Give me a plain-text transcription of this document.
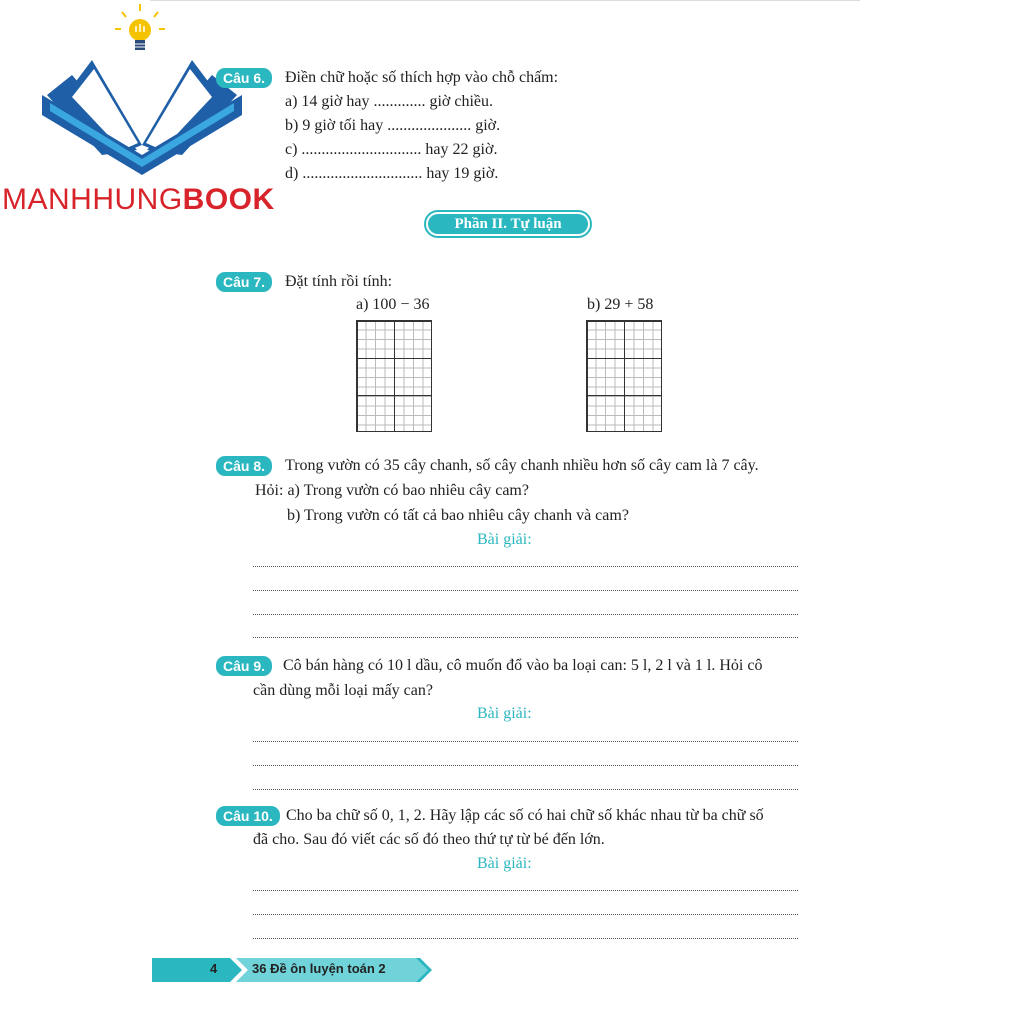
MANHHUNGBOOK
Câu 6.	Điền chữ hoặc số thích hợp vào chỗ chấm:
a) 14 giờ hay ............. giờ chiều.
b) 9 giờ tối hay ..................... giờ.
c) .............................. hay 22 giờ.
d) .............................. hay 19 giờ.
Phần II. Tự luận
Câu 7.	Đặt tính rồi tính:
a) 100 − 36	b) 29 + 58
Câu 8.	Trong vườn có 35 cây chanh, số cây chanh nhiều hơn số cây cam là 7 cây.
Hỏi: a) Trong vườn có bao nhiêu cây cam?
b) Trong vườn có tất cả bao nhiêu cây chanh và cam?
Bài giải:
Câu 9.	Cô bán hàng có 10 l dầu, cô muốn đổ vào ba loại can: 5 l, 2 l và 1 l. Hỏi cô
cần dùng mỗi loại mấy can?
Bài giải:
Câu 10. Cho ba chữ số 0, 1, 2. Hãy lập các số có hai chữ số khác nhau từ ba chữ số
đã cho. Sau đó viết các số đó theo thứ tự từ bé đến lớn.
Bài giải:
4	36 Đề ôn luyện toán 2
